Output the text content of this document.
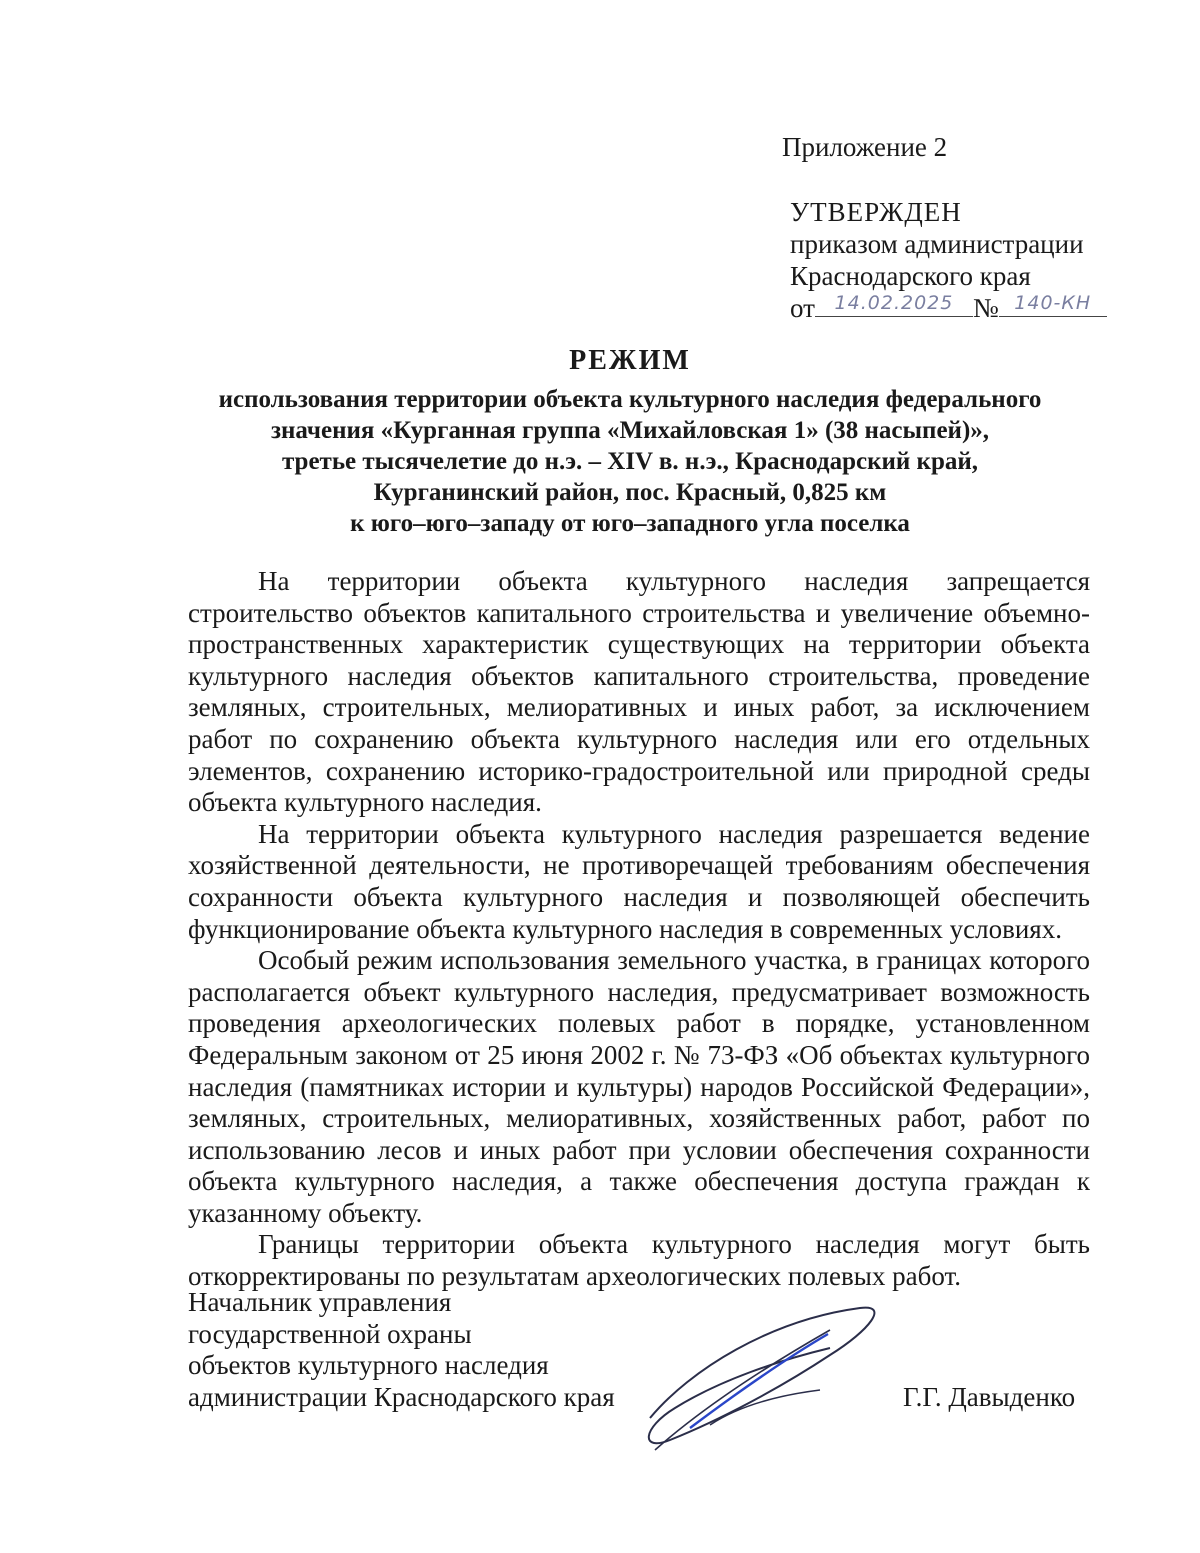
Приложение 2
УТВЕРЖДЕН
приказом администрации
Краснодарского края
от $^{14.02.2025}$ № $^{140-КН}$
РЕЖИМ
использования территории объекта культурного наследия федерального
значения «Курганная группа «Михайловская 1» (38 насыпей)»,
третье тысячелетие до н.э. – XIV в. н.э., Краснодарский край,
Курганинский район, пос. Красный, 0,825 км
к юго–юго–западу от юго–западного угла поселка

На территории объекта культурного наследия запрещается строительство объектов капитального строительства и увеличение объемно-пространственных характеристик существующих на территории объекта культурного наследия объектов капитального строительства, проведение земляных, строительных, мелиоративных и иных работ, за исключением работ по сохранению объекта культурного наследия или его отдельных элементов, сохранению историко-градостроительной или природной среды объекта культурного наследия.

На территории объекта культурного наследия разрешается ведение хозяйственной деятельности, не противоречащей требованиям обеспечения сохранности объекта культурного наследия и позволяющей обеспечить функционирование объекта культурного наследия в современных условиях.

Особый режим использования земельного участка, в границах которого располагается объект культурного наследия, предусматривает возможность проведения археологических полевых работ в порядке, установленном Федеральным законом от 25 июня 2002 г. № 73-ФЗ «Об объектах культурного наследия (памятниках истории и культуры) народов Российской Федерации», земляных, строительных, мелиоративных, хозяйственных работ, работ по использованию лесов и иных работ при условии обеспечения сохранности объекта культурного наследия, а также обеспечения доступа граждан к указанному объекту.

Границы территории объекта культурного наследия могут быть откорректированы по результатам археологических полевых работ.

Начальник управления
государственной охраны
объектов культурного наследия
администрации Краснодарского края	Г.Г. Давыденко
